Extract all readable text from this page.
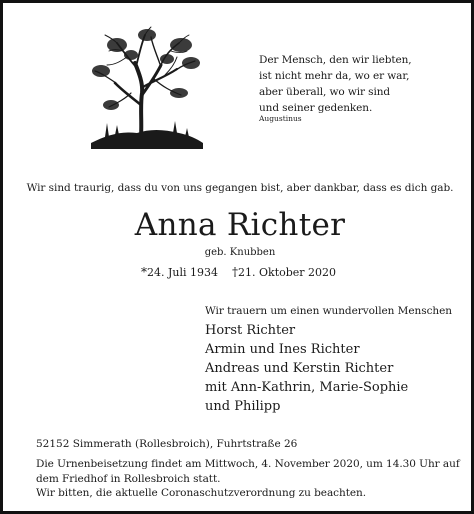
Der Mensch, den wir liebten,
ist nicht mehr da, wo er war,
aber überall, wo wir sind
und seiner gedenken.
Augustinus
Wir sind traurig, dass du von uns gegangen bist, aber dankbar, dass es dich gab.
Anna Richter
geb. Knubben
*24. Juli 1934 †21. Oktober 2020
Wir trauern um einen wundervollen Menschen
Horst Richter
Armin und Ines Richter
Andreas und Kerstin Richter
mit Ann-Kathrin, Marie-Sophie
und Philipp
52152 Simmerath (Rollesbroich), Fuhrtstraße 26
Die Urnenbeisetzung findet am Mittwoch, 4. November 2020, um 14.30 Uhr auf
dem Friedhof in Rollesbroich statt.
Wir bitten, die aktuelle Coronaschutzverordnung zu beachten.
